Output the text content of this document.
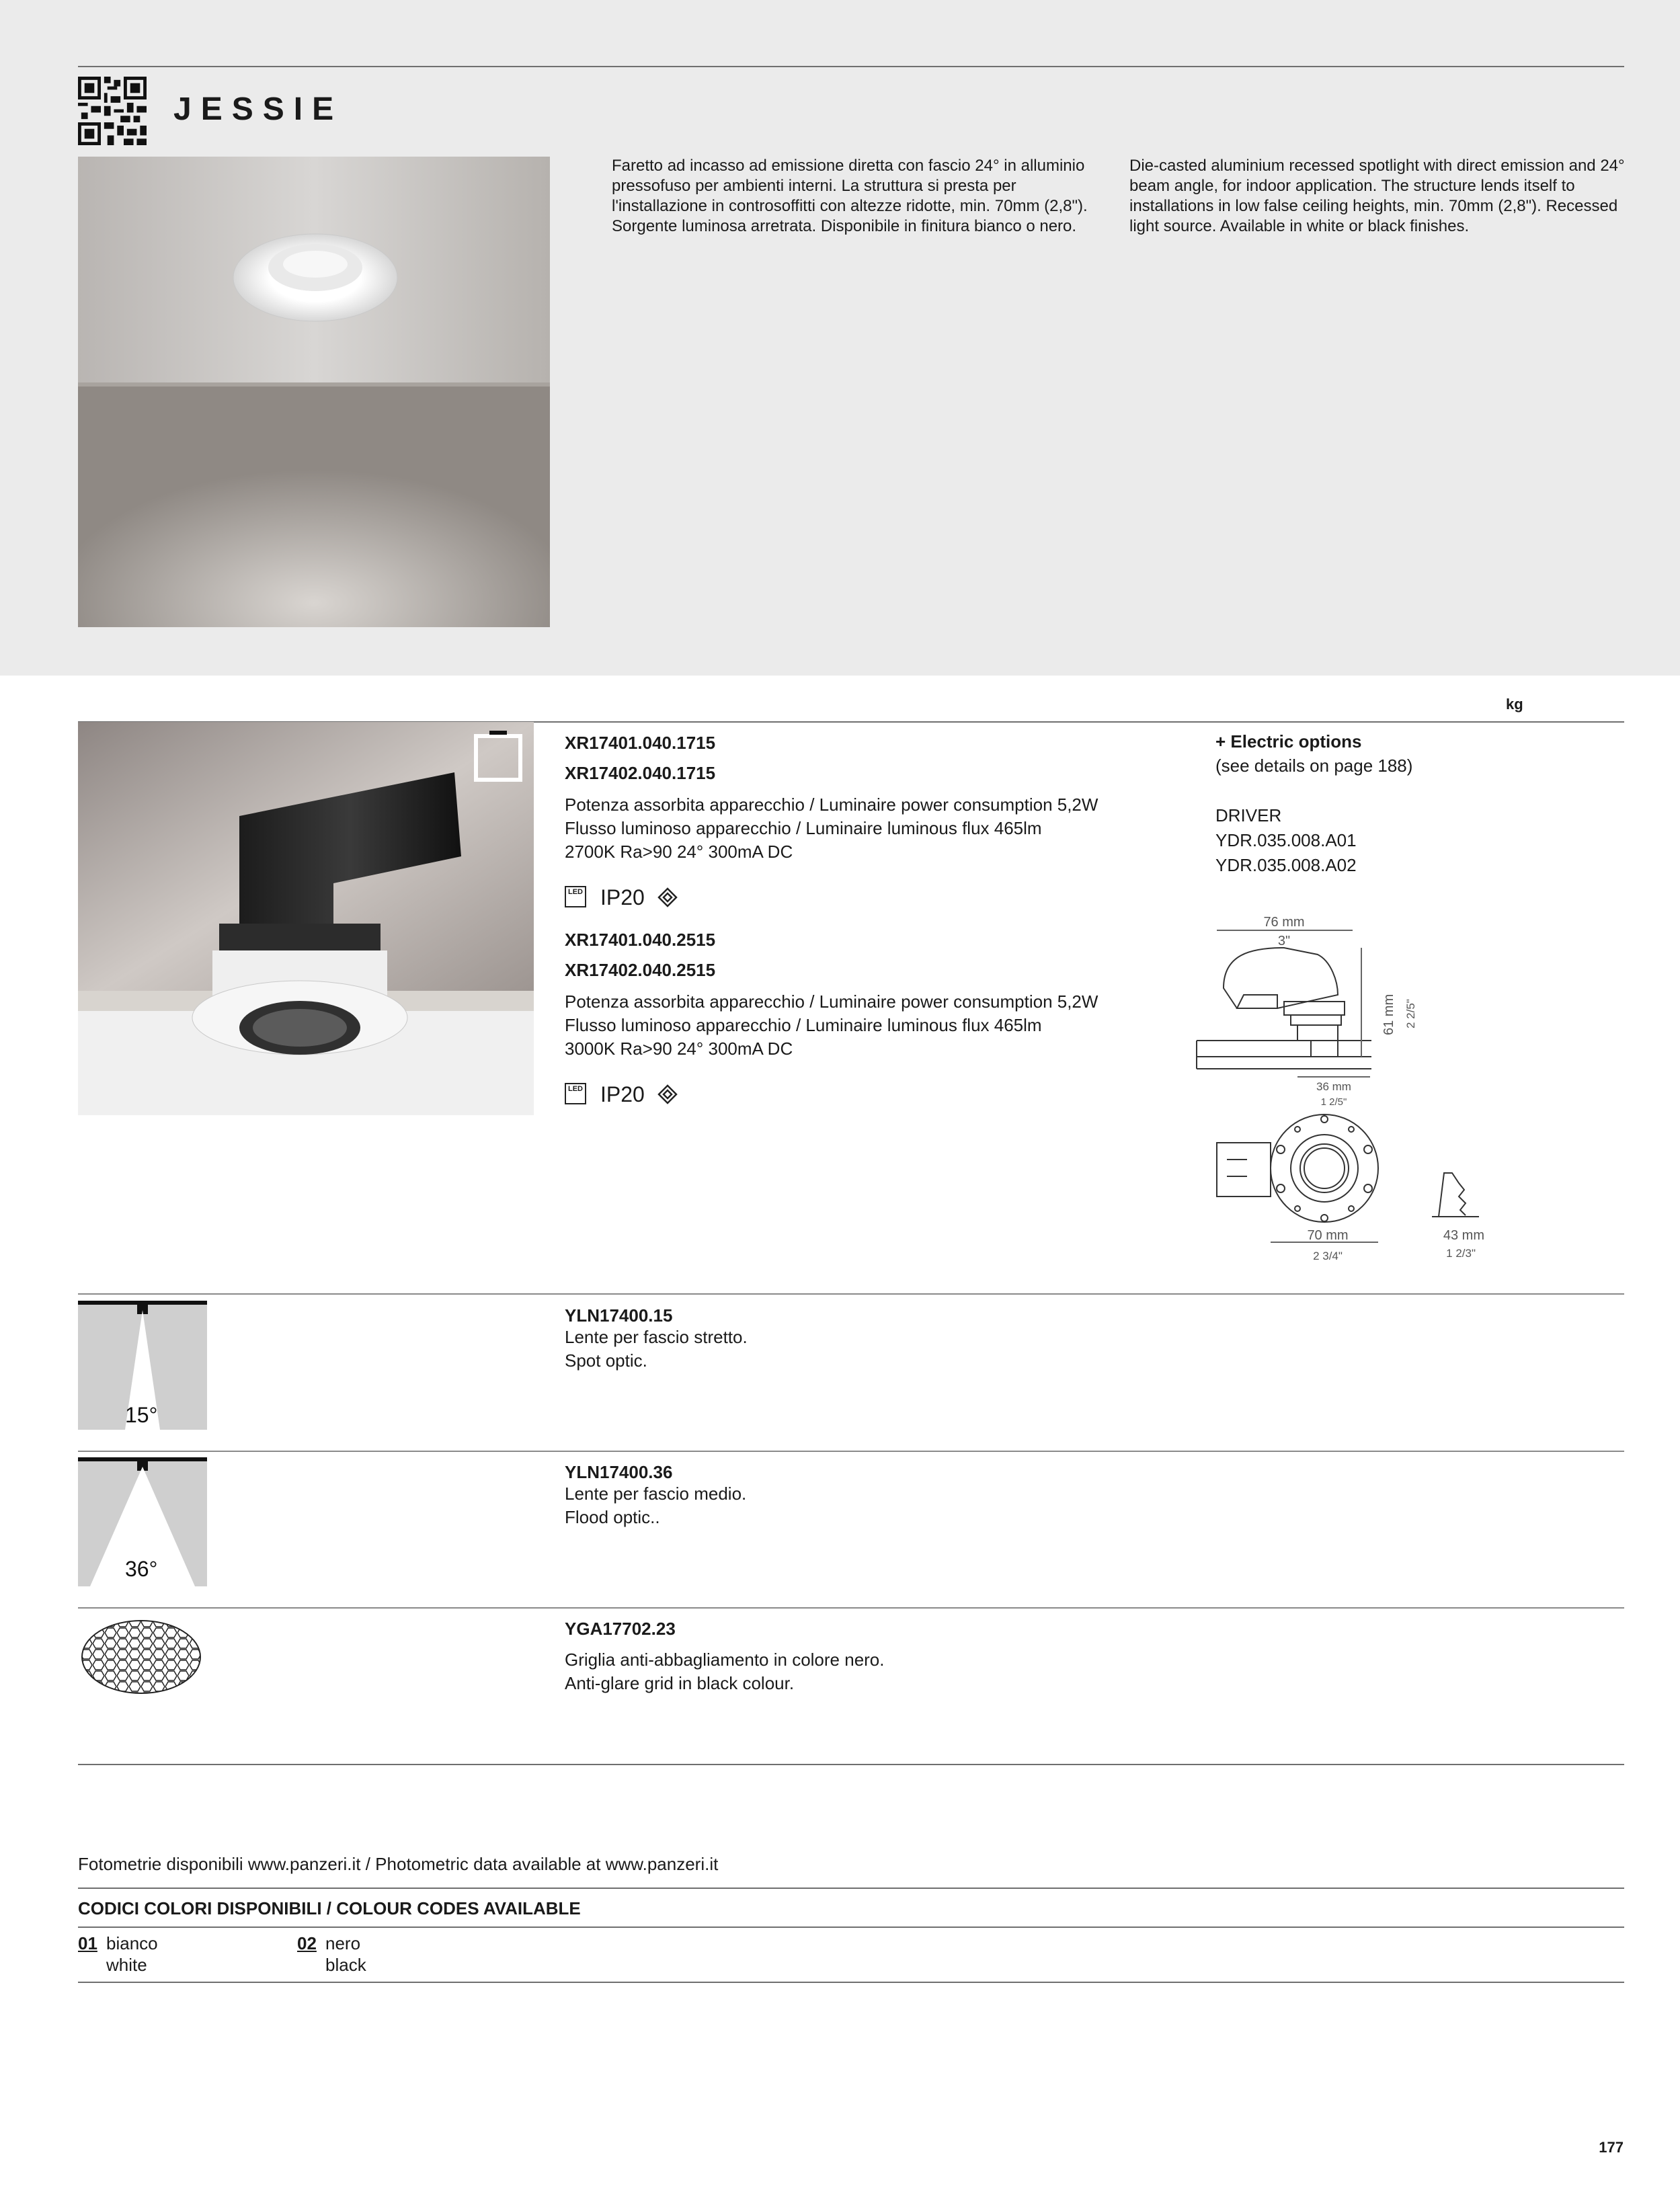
JESSIE
Faretto ad incasso ad emissione diretta con fascio 24° in alluminio pressofuso per ambienti interni. La struttura si presta per l'installazione in controsoffitti con altezze ridotte, min. 70mm (2,8"). Sorgente luminosa arretrata. Disponibile in finitura bianco o nero.
Die-casted aluminium recessed spotlight with direct emission and 24° beam angle, for indoor application. The structure lends itself to installations in low false ceiling heights, min. 70mm (2,8"). Recessed light source. Available in white or black finishes.
kg
XR17401.040.1715
XR17402.040.1715
Potenza assorbita apparecchio / Luminaire power consumption 5,2W
Flusso luminoso apparecchio / Luminaire luminous flux 465lm
2700K Ra>90 24° 300mA DC
LED IP20
XR17401.040.2515
XR17402.040.2515
Potenza assorbita apparecchio / Luminaire power consumption 5,2W
Flusso luminoso apparecchio / Luminaire luminous flux 465lm
3000K Ra>90 24° 300mA DC
LED IP20
+ Electric options
(see details on page 188)
DRIVER
YDR.035.008.A01
YDR.035.008.A02
76 mm
3"
61 mm 2 2/5"
36 mm
1 2/5"
70 mm
2 3/4"
43 mm
1 2/3"
15°
YLN17400.15
Lente per fascio stretto.
Spot optic.
36°
YLN17400.36
Lente per fascio medio.
Flood optic..
YGA17702.23
Griglia anti-abbagliamento in colore nero.
Anti-glare grid in black colour.
Fotometrie disponibili www.panzeri.it / Photometric data available at www.panzeri.it
CODICI COLORI DISPONIBILI / COLOUR CODES AVAILABLE
01 bianco
white
02 nero
black
177
